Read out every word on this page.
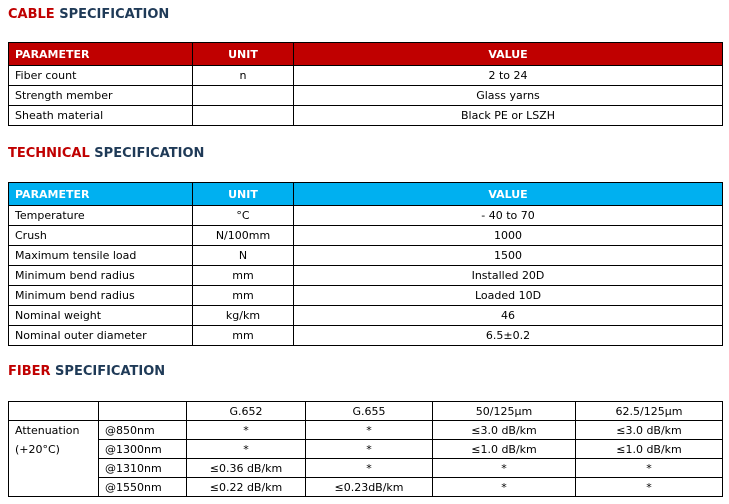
CABLE SPECIFICATION
PARAMETER	UNIT	VALUE
Fiber count	n	2 to 24
Strength member		Glass yarns
Sheath material		Black PE or LSZH
TECHNICAL SPECIFICATION
PARAMETER	UNIT	VALUE
Temperature	°C	- 40 to 70
Crush	N/100mm	1000
Maximum tensile load	N	1500
Minimum bend radius	mm	Installed 20D
Minimum bend radius	mm	Loaded 10D
Nominal weight	kg/km	46
Nominal outer diameter	mm	6.5±0.2
FIBER SPECIFICATION
		G.652	G.655	50/125µm	62.5/125µm
Attenuation	@850nm	*	*	≤3.0 dB/km	≤3.0 dB/km
(+20°C)	@1300nm	*	*	≤1.0 dB/km	≤1.0 dB/km
	@1310nm	≤0.36 dB/km	*	*	*
	@1550nm	≤0.22 dB/km	≤0.23dB/km	*	*
